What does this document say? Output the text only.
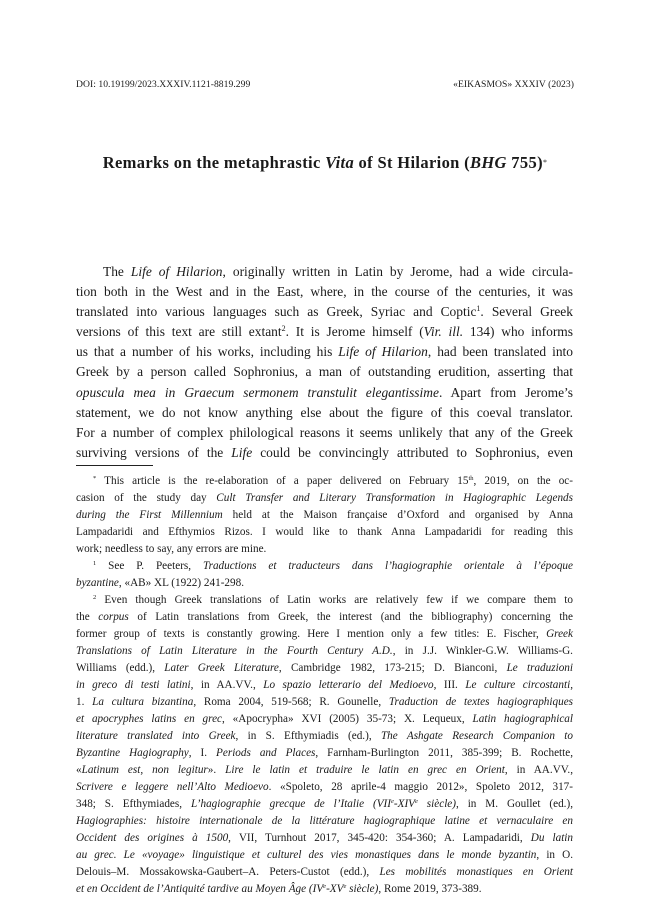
DOI: 10.19199/2023.XXXIV.1121-8819.299	«EIKASMOS» XXXIV (2023)
Remarks on the metaphrastic Vita of St Hilarion (BHG 755)*
The Life of Hilarion, originally written in Latin by Jerome, had a wide circula-
tion both in the West and in the East, where, in the course of the centuries, it was
translated into various languages such as Greek, Syriac and Coptic$^1$. Several Greek
versions of this text are still extant$^2$. It is Jerome himself (Vir. ill. 134) who informs
us that a number of his works, including his Life of Hilarion, had been translated into
Greek by a person called Sophronius, a man of outstanding erudition, asserting that
opuscula mea in Graecum sermonem transtulit elegantissime. Apart from Jerome’s
statement, we do not know anything else about the figure of this coeval translator.
For a number of complex philological reasons it seems unlikely that any of the Greek
surviving versions of the Life could be convincingly attributed to Sophronius, even
* This article is the re-elaboration of a paper delivered on February 15th, 2019, on the oc-
casion of the study day Cult Transfer and Literary Transformation in Hagiographic Legends
during the First Millennium held at the Maison française d’Oxford and organised by Anna
Lampadaridi and Efthymios Rizos. I would like to thank Anna Lampadaridi for reading this
work; needless to say, any errors are mine.
$^1$ See P. Peeters, Traductions et traducteurs dans l’hagiographie orientale à l’époque
byzantine, «AB» XL (1922) 241-298.
$^2$ Even though Greek translations of Latin works are relatively few if we compare them to
the corpus of Latin translations from Greek, the interest (and the bibliography) concerning the
former group of texts is constantly growing. Here I mention only a few titles: E. Fischer, Greek
Translations of Latin Literature in the Fourth Century A.D., in J.J. Winkler-G.W. Williams-G.
Williams (edd.), Later Greek Literature, Cambridge 1982, 173-215; D. Bianconi, Le traduzioni
in greco di testi latini, in AA.VV., Lo spazio letterario del Medioevo, III. Le culture circostanti,
1. La cultura bizantina, Roma 2004, 519-568; R. Gounelle, Traduction de textes hagiographiques
et apocryphes latins en grec, «Apocrypha» XVI (2005) 35-73; X. Lequeux, Latin hagiographical
literature translated into Greek, in S. Efthymiadis (ed.), The Ashgate Research Companion to
Byzantine Hagiography, I. Periods and Places, Farnham-Burlington 2011, 385-399; B. Rochette,
«Latinum est, non legitur». Lire le latin et traduire le latin en grec en Orient, in AA.VV.,
Scrivere e leggere nell’Alto Medioevo. «Spoleto, 28 aprile-4 maggio 2012», Spoleto 2012, 317-
348; S. Efthymiades, L’hagiographie grecque de l’Italie (VIIe-XIVe siècle), in M. Goullet (ed.),
Hagiographies: histoire internationale de la littérature hagiographique latine et vernaculaire en
Occident des origines à 1500, VII, Turnhout 2017, 345-420: 354-360; A. Lampadaridi, Du latin
au grec. Le «voyage» linguistique et culturel des vies monastiques dans le monde byzantin, in O.
Delouis–M. Mossakowska-Gaubert–A. Peters-Custot (edd.), Les mobilités monastiques en Orient
et en Occident de l’Antiquité tardive au Moyen Âge (IVe-XVe siècle), Rome 2019, 373-389.
